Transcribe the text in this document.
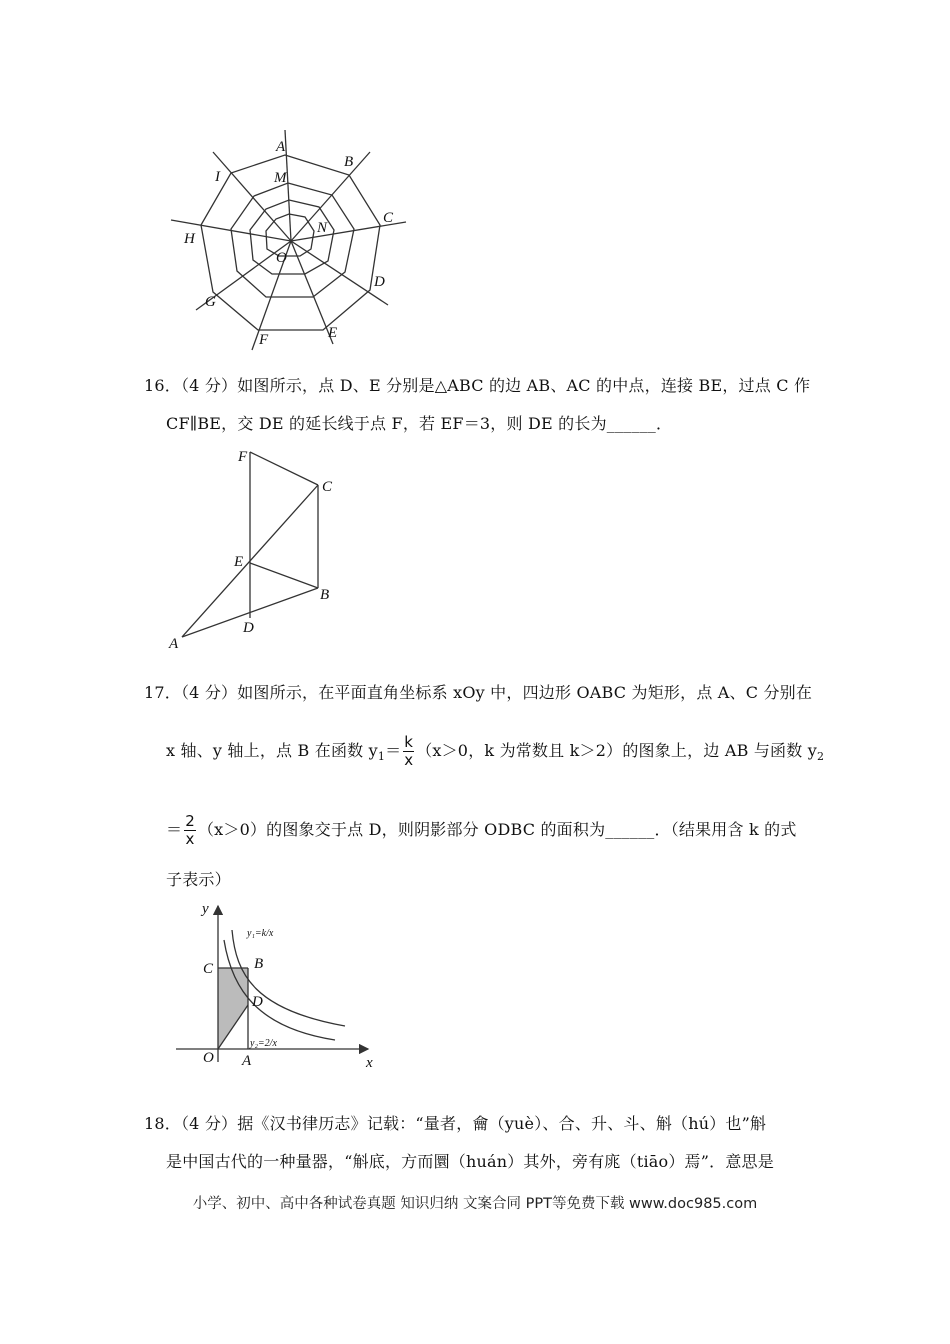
A
B
C
D
E
F
G
H
I	M
N
O
16．（4 分）如图所示，点 D、E 分别是△ABC 的边 AB、AC 的中点，连接 BE，过点 C 作
CF∥BE，交 DE 的延长线于点 F，若 EF＝3，则 DE 的长为______．
F
C
E
B
A
D
17．（4 分）如图所示，在平面直角坐标系 xOy 中，四边形 OABC 为矩形，点 A、C 分别在
x 轴、y 轴上，点 B 在函数 $y_1= \frac{k}{x} (x>0$，k 为常数且 k＞2）的图象上，边 AB 与函数 $y_2$
＝ $\frac{2}{x} (x>0)$的图象交于点 D，则阴影部分 ODBC 的面积为______．（结果用含 k 的式
子表示）
y
x
O A
C	B
D
y₁=k/x
y₂=2/x
18．（4 分）据《汉书律历志》记载：“量者，龠（yuè）、合、升、斗、斛（hú）也”斛
是中国古代的一种量器，“斛底，方而圜（huán）其外，旁有庣（tiāo）焉”．意思是
小学、初中、高中各种试卷真题 知识归纳 文案合同 PPT等免费下载 www.doc985.com
